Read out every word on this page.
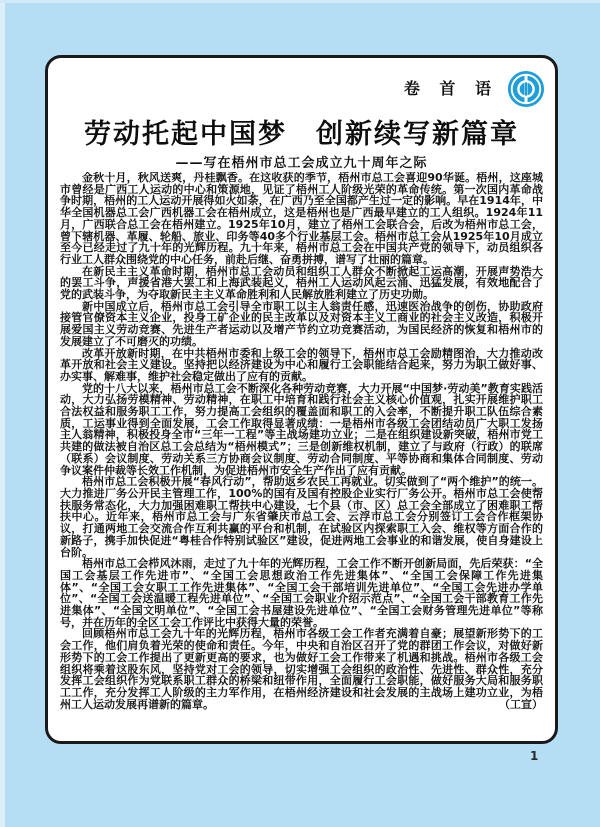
卷 首 语
劳动托起中国梦　创新续写新篇章
——写在梧州市总工会成立九十周年之际

金秋十月，秋风送爽，丹桂飘香。在这收获的季节，梧州市总工会喜迎90华诞。梧州，这座城市曾经是广西工人运动的中心和策源地，见证了梧州工人阶级光荣的革命传统。第一次国内革命战争时期，梧州的工人运动开展得如火如荼，在广西乃至全国都产生过一定的影响。早在1914年，中华全国机器总工会广西机器工会在梧州成立，这是梧州也是广西最早建立的工人组织。1924年11月，广西联合总工会在梧州建立。1925年10月，建立了梧州工会联合会，后改为梧州市总工会，曾下辖机器、革履、轮船、旅业、印务等40多个行业基层工会。梧州市总工会从1925年10月成立至今已经走过了九十年的光辉历程。九十年来，梧州市总工会在中国共产党的领导下，动员组织各行业工人群众围绕党的中心任务，前赴后继、奋勇拼搏，谱写了壮丽的篇章。

在新民主主义革命时期，梧州市总工会动员和组织工人群众不断掀起工运高潮，开展声势浩大的罢工斗争，声援省港大罢工和上海武装起义，梧州工人运动风起云涌、迅猛发展，有效地配合了党的武装斗争，为夺取新民主主义革命胜利和人民解放胜利建立了历史功勋。

新中国成立后，梧州市总工会引导全市职工以主人翁责任感，迅速医治战争的创伤，协助政府接管官僚资本主义企业，投身工矿企业的民主改革以及对资本主义工商业的社会主义改造，积极开展爱国主义劳动竞赛、先进生产者运动以及增产节约立功竞赛活动，为国民经济的恢复和梧州市的发展建立了不可磨灭的功绩。

改革开放新时期，在中共梧州市委和上级工会的领导下，梧州市总工会励精图治，大力推动改革开放和社会主义建设。坚持把以经济建设为中心和履行工会职能结合起来，努力为职工做好事、办实事、解难事，维护社会稳定做出了应有的贡献。

党的十八大以来，梧州市总工会不断深化各种劳动竞赛，大力开展“中国梦·劳动美”教育实践活动，大力弘扬劳模精神、劳动精神，在职工中培育和践行社会主义核心价值观，扎实开展维护职工合法权益和服务职工工作，努力提高工会组织的覆盖面和职工的入会率，不断提升职工队伍综合素质，工运事业得到全面发展，工会工作取得显著成绩：一是梧州市各级工会团结动员广大职工发扬主人翁精神，积极投身全市“三年一工程”等主战场建功立业；二是在组织建设新突破，梧州市党工共建的做法被自治区总工会总结为“梧州模式”；三是创新维权机制，建立了与政府（行政）的联席（联系）会议制度、劳动关系三方协商会议制度、劳动合同制度、平等协商和集体合同制度、劳动争议案件仲裁等长效工作机制，为促进梧州市安全生产作出了应有贡献。

梧州市总工会积极开展“春风行动”，帮助返乡农民工再就业。切实做到了“两个维护”的统一。大力推进厂务公开民主管理工作，100%的国有及国有控股企业实行厂务公开。梧州市总工会使帮扶服务常态化，大力加强困难职工帮扶中心建设，七个县（市、区）总工会全部成立了困难职工帮扶中心。近年来，梧州市总工会与广东省肇庆市总工会、云浮市总工会分别签订工会合作框架协议，打通两地工会交流合作互利共赢的平台和机制，在试验区内探索职工入会、维权等方面合作的新路子，携手加快促进“粤桂合作特别试验区”建设，促进两地工会事业的和谐发展，使自身建设上台阶。

梧州市总工会栉风沐雨，走过了九十年的光辉历程，工会工作不断开创新局面，先后荣获：“全国工会基层工作先进市”、“全国工会思想政治工作先进集体”、“全国工会保障工作先进集体”、“全国工会女职工工作先进集体”、“全国工会干部培训先进单位”、“全国工会先进办学单位”、“全国工会送温暖工程先进单位”、“全国工会职业介绍示范点”、“全国工会干部教育工作先进集体”、“全国文明单位”、“全国工会书屋建设先进单位”、“全国工会财务管理先进单位”等称号，并在历年的全区工会工作评比中获得大量的荣誉。

回顾梧州市总工会九十年的光辉历程，梧州市各级工会工作者充满着自豪；展望新形势下的工会工作，他们肩负着光荣的使命和责任。今年，中央和自治区召开了党的群团工作会议，对做好新形势下的工会工作提出了更新更高的要求，也为做好工会工作带来了机遇和挑战。梧州市各级工会组织将乘着这股东风，坚持党对工会的领导，切实增强工会组织的政治性、先进性、群众性，充分发挥工会组织作为党联系职工群众的桥梁和纽带作用，全面履行工会职能，做好服务大局和服务职工工作，充分发挥工人阶级的主力军作用，在梧州经济建设和社会发展的主战场上建功立业，为梧州工人运动发展再谱新的篇章。	（工宣）

1
